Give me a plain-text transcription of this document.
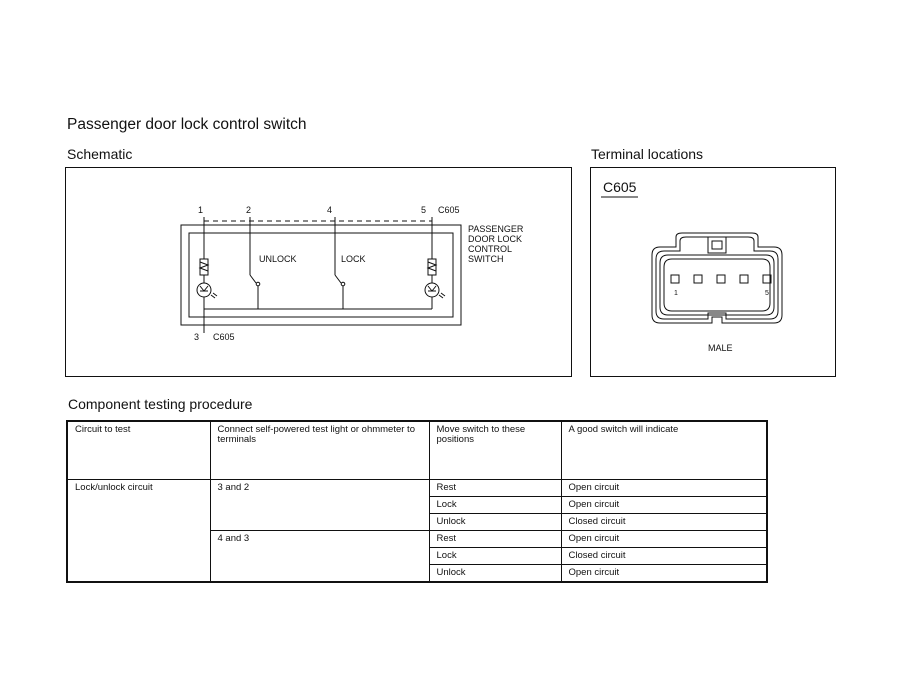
Passenger door lock control switch
Schematic
1	2	4	5 C605
3 C605
UNLOCK	LOCK
PASSENGER
DOOR LOCK
CONTROL
SWITCH
Terminal locations
C605
1	5
MALE
Component testing procedure
Circuit to test	Connect self-powered test light or ohmmeter to terminals	Move switch to these positions	A good switch will indicate
Lock/unlock circuit	3 and 2	Rest	Open circuit
		Lock	Open circuit
		Unlock	Closed circuit
	4 and 3	Rest	Open circuit
		Lock	Closed circuit
		Unlock	Open circuit
